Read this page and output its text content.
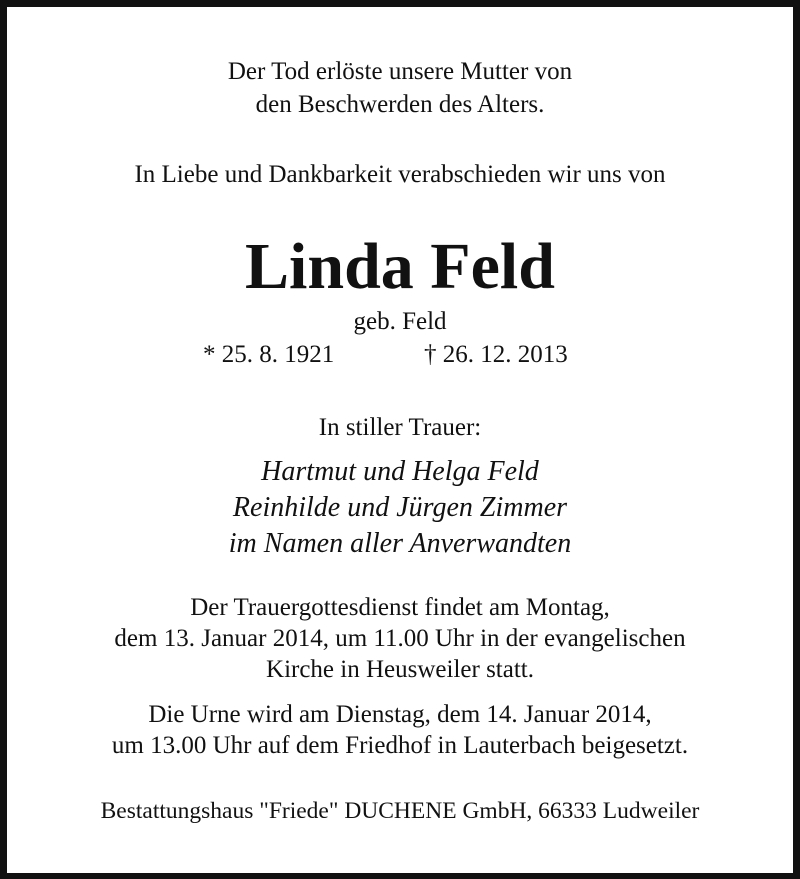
Der Tod erlöste unsere Mutter von
den Beschwerden des Alters.
In Liebe und Dankbarkeit verabschieden wir uns von
Linda Feld
geb. Feld
* 25. 8. 1921	† 26. 12. 2013
In stiller Trauer:
Hartmut und Helga Feld
Reinhilde und Jürgen Zimmer
im Namen aller Anverwandten
Der Trauergottesdienst findet am Montag,
dem 13. Januar 2014, um 11.00 Uhr in der evangelischen
Kirche in Heusweiler statt.
Die Urne wird am Dienstag, dem 14. Januar 2014,
um 13.00 Uhr auf dem Friedhof in Lauterbach beigesetzt.
Bestattungshaus "Friede" DUCHENE GmbH, 66333 Ludweiler
